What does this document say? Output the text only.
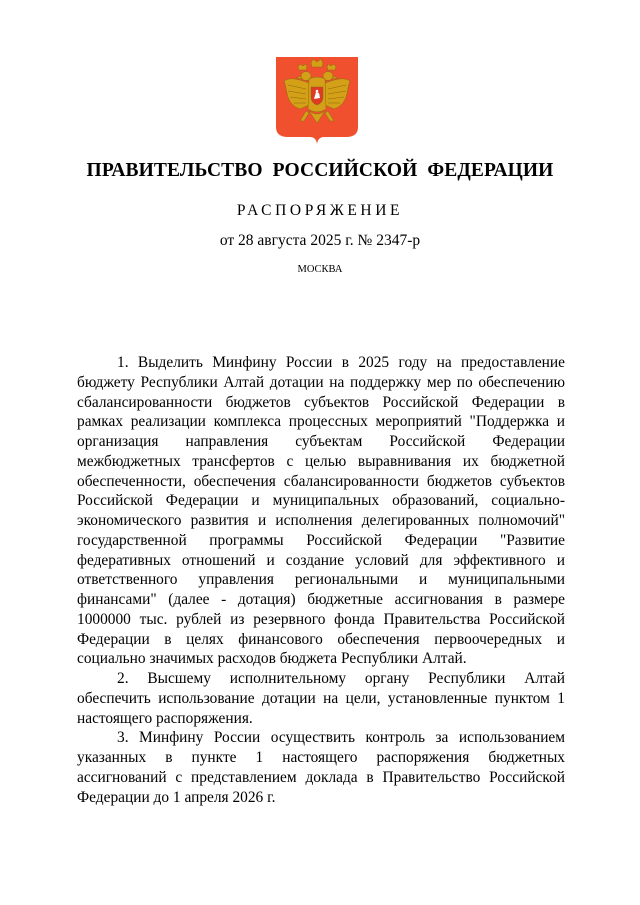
ПРАВИТЕЛЬСТВО РОССИЙСКОЙ ФЕДЕРАЦИИ
РАСПОРЯЖЕНИЕ
от 28 августа 2025 г. № 2347-р
МОСКВА

1. Выделить Минфину России в 2025 году на предоставление бюджету Республики Алтай дотации на поддержку мер по обеспечению сбалансированности бюджетов субъектов Российской Федерации в рамках реализации комплекса процессных мероприятий "Поддержка и организация направления субъектам Российской Федерации межбюджетных трансфертов с целью выравнивания их бюджетной обеспеченности, обеспечения сбалансированности бюджетов субъектов Российской Федерации и муниципальных образований, социально-экономического развития и исполнения делегированных полномочий" государственной программы Российской Федерации "Развитие федеративных отношений и создание условий для эффективного и ответственного управления региональными и муниципальными финансами" (далее - дотация) бюджетные ассигнования в размере 1000000 тыс. рублей из резервного фонда Правительства Российской Федерации в целях финансового обеспечения первоочередных и социально значимых расходов бюджета Республики Алтай.

2. Высшему исполнительному органу Республики Алтай обеспечить использование дотации на цели, установленные пунктом 1 настоящего распоряжения.

3. Минфину России осуществить контроль за использованием указанных в пункте 1 настоящего распоряжения бюджетных ассигнований с представлением доклада в Правительство Российской Федерации до 1 апреля 2026 г.
